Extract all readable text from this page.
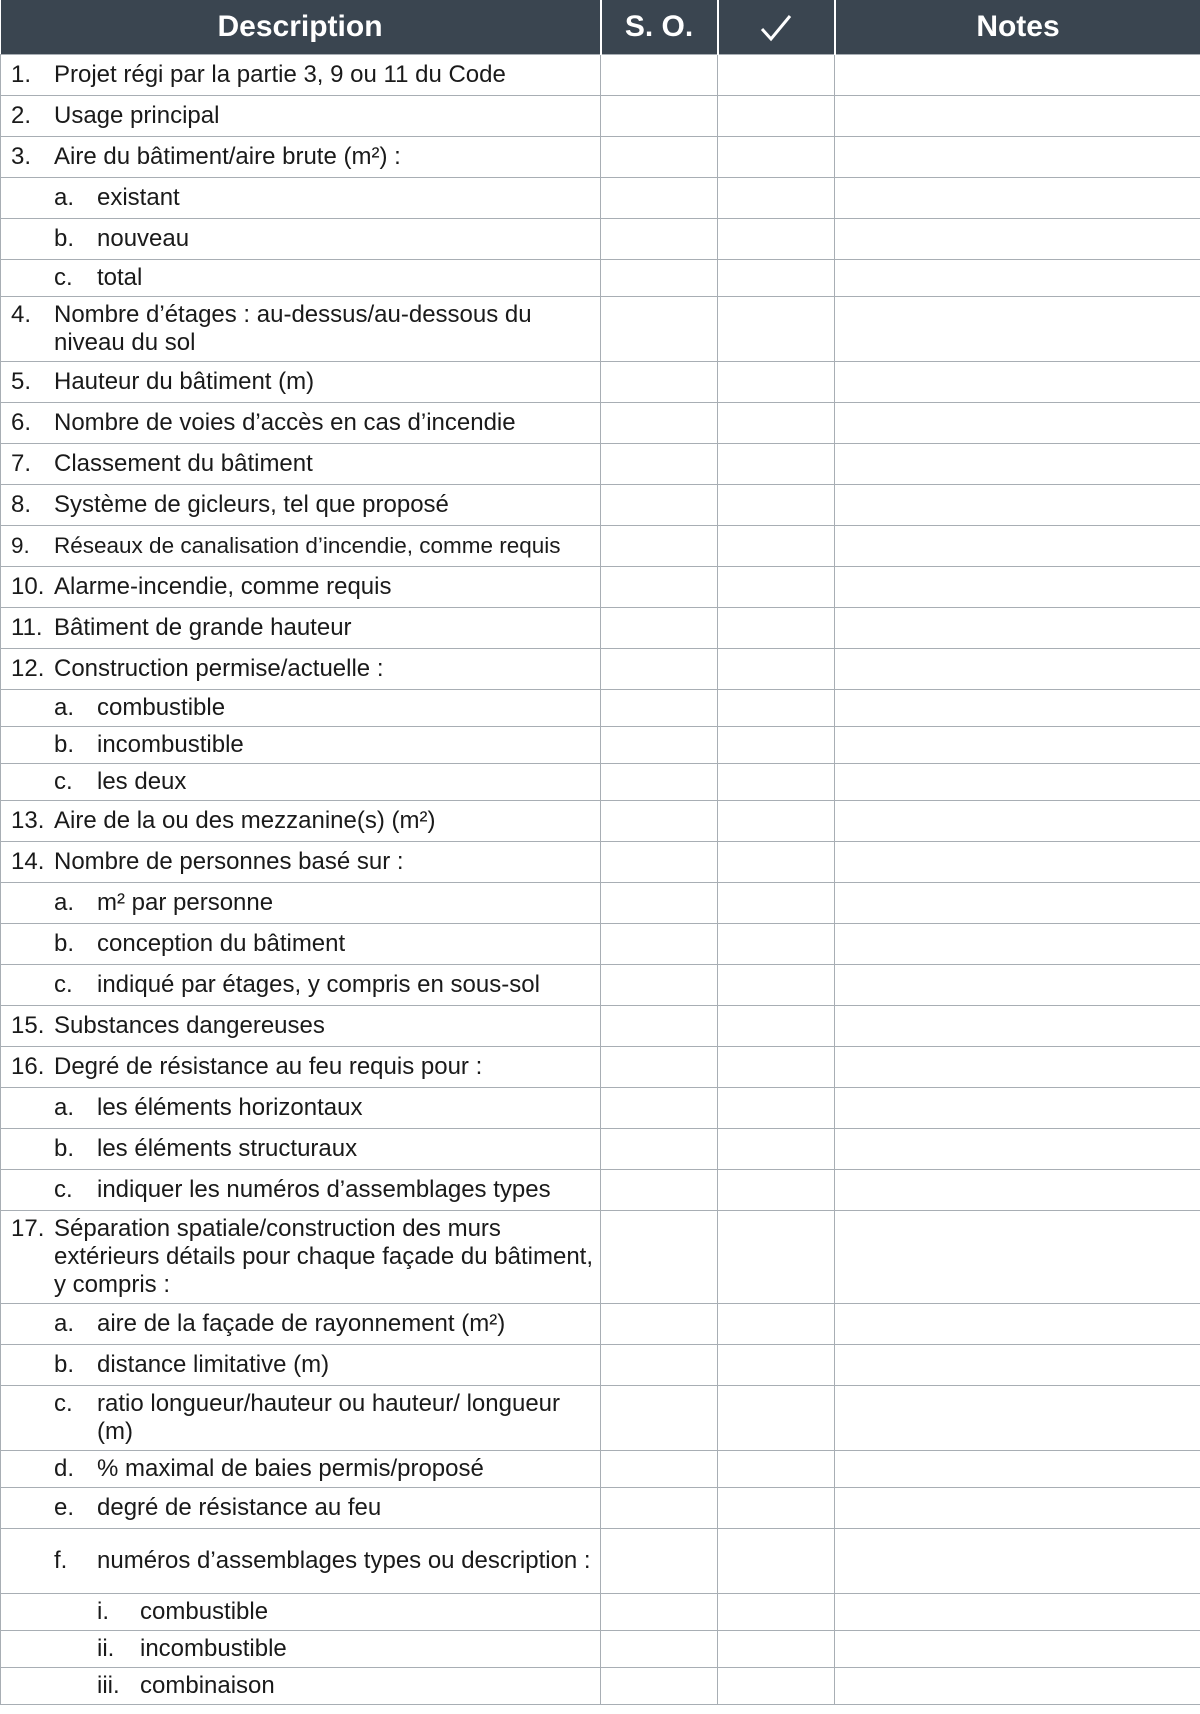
Description	S. O.		Notes

1. Projet régi par la partie 3, 9 ou 11 du Code			

2. Usage principal			

3. Aire du bâtiment/aire brute (m²) :			

a. existant			

b. nouveau			

c. total			

4. Nombre d’étages : au-dessus/au-dessous du niveau du sol			

5. Hauteur du bâtiment (m)			

6. Nombre de voies d’accès en cas d’incendie			

7. Classement du bâtiment			

8. Système de gicleurs, tel que proposé			

9. Réseaux de canalisation d’incendie, comme requis			

10. Alarme-incendie, comme requis			

11. Bâtiment de grande hauteur			

12. Construction permise/actuelle :			

a. combustible			

b. incombustible			

c. les deux			

13. Aire de la ou des mezzanine(s) (m²)			

14. Nombre de personnes basé sur :			

a. m² par personne			

b. conception du bâtiment			

c. indiqué par étages, y compris en sous-sol			

15. Substances dangereuses			

16. Degré de résistance au feu requis pour :			

a. les éléments horizontaux			

b. les éléments structuraux			

c. indiquer les numéros d’assemblages types			

17. Séparation spatiale/construction des murs extérieurs détails pour chaque façade du bâtiment, y compris :			

a. aire de la façade de rayonnement (m²)			

b. distance limitative (m)			

c. ratio longueur/hauteur ou hauteur/ longueur (m)			

d. % maximal de baies permis/proposé			

e. degré de résistance au feu			

f. numéros d’assemblages types ou description :			

i. combustible			

ii. incombustible			

iii. combinaison			
